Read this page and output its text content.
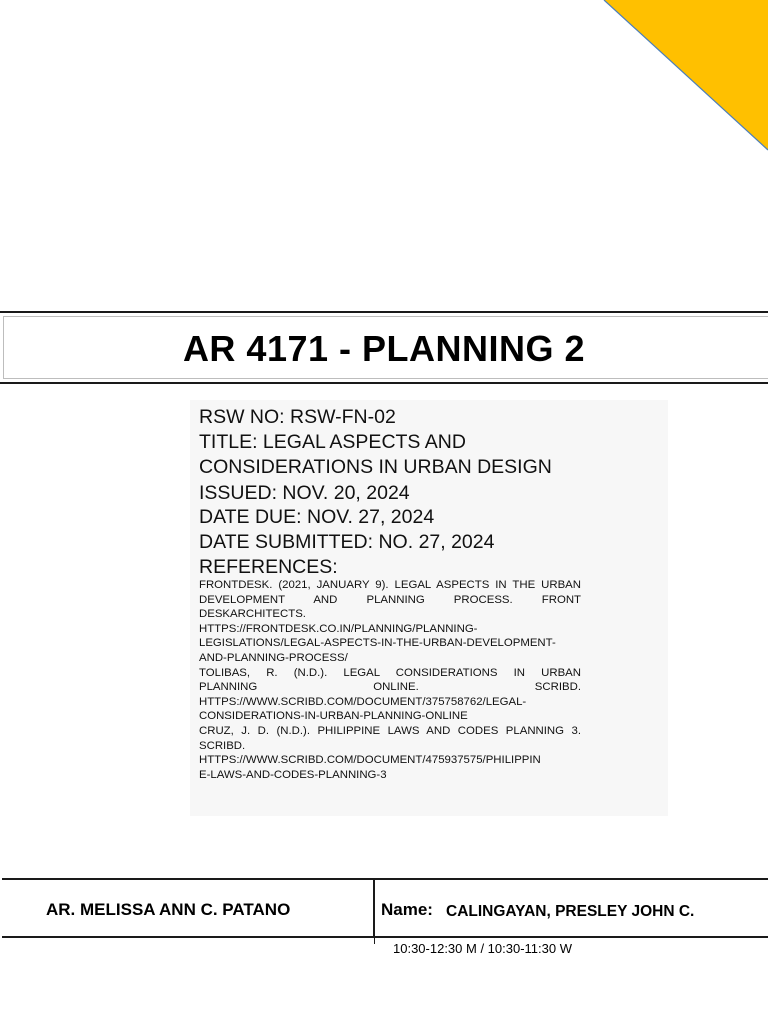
AR 4171 - PLANNING 2
RSW NO: RSW-FN-02
TITLE: LEGAL ASPECTS AND
CONSIDERATIONS IN URBAN DESIGN
ISSUED: NOV. 20, 2024
DATE DUE: NOV. 27, 2024
DATE SUBMITTED: NO. 27, 2024
REFERENCES:
FRONTDESK. (2021, JANUARY 9). LEGAL ASPECTS IN THE URBAN
DEVELOPMENT AND PLANNING PROCESS. FRONT
DESKARCHITECTS.
HTTPS://FRONTDESK.CO.IN/PLANNING/PLANNING-
LEGISLATIONS/LEGAL-ASPECTS-IN-THE-URBAN-DEVELOPMENT-
AND-PLANNING-PROCESS/
TOLIBAS, R. (N.D.). LEGAL CONSIDERATIONS IN URBAN
PLANNING ONLINE. SCRIBD.
HTTPS://WWW.SCRIBD.COM/DOCUMENT/375758762/LEGAL-
CONSIDERATIONS-IN-URBAN-PLANNING-ONLINE
CRUZ, J. D. (N.D.). PHILIPPINE LAWS AND CODES PLANNING 3.
SCRIBD.
HTTPS://WWW.SCRIBD.COM/DOCUMENT/475937575/PHILIPPIN
E-LAWS-AND-CODES-PLANNING-3
AR. MELISSA ANN C. PATANO	Name: CALINGAYAN, PRESLEY JOHN C.
10:30-12:30 M / 10:30-11:30 W
